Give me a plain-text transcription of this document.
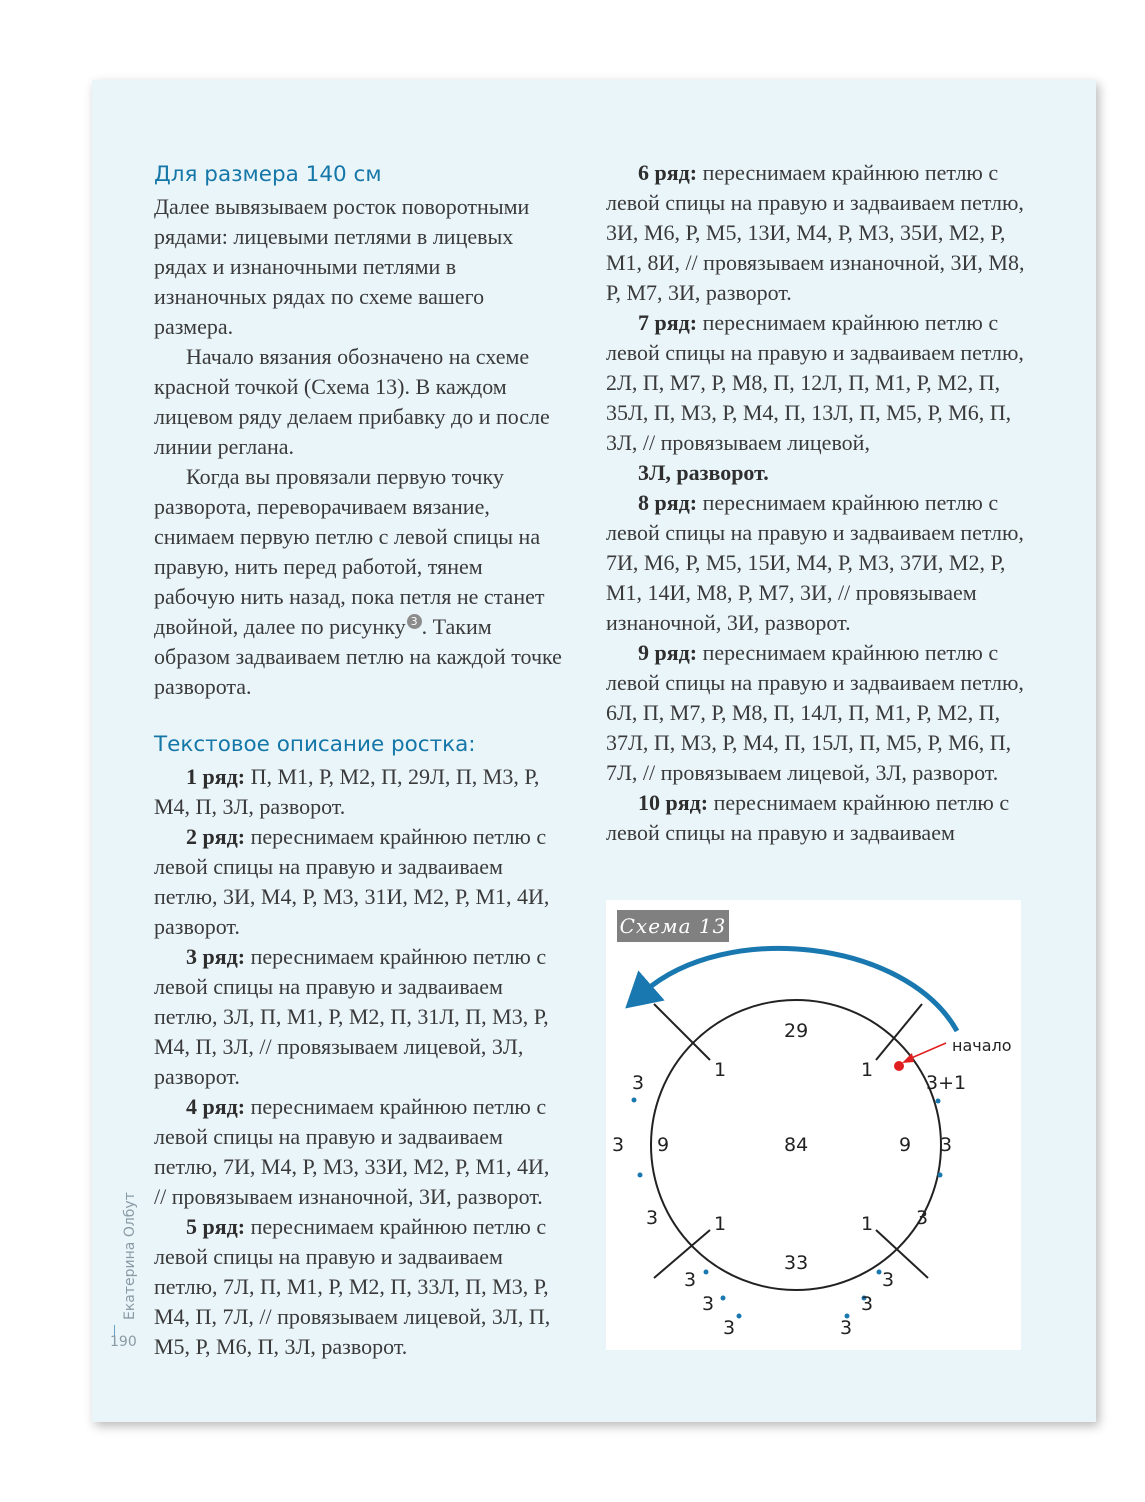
Для размера 140 см

Далее вывязываем росток поворотными рядами: лицевыми петлями в лицевых рядах и изнаночными петлями в изнаночных рядах по схеме вашего размера.

Начало вязания обозначено на схеме красной точкой (Схема 13). В каждом лицевом ряду делаем прибавку до и после линии реглана.

Когда вы провязали первую точку разворота, переворачиваем вязание, снимаем первую петлю с левой спицы на правую, нить перед работой, тянем рабочую нить назад, пока петля не станет двойной, далее по рисунку 3 . Таким образом задваиваем петлю на каждой точке разворота.

Текстовое описание ростка:

1 ряд: П, М1, Р, М2, П, 29Л, П, М3, Р, М4, П, 3Л, разворот.

2 ряд: переснимаем крайнюю петлю с левой спицы на правую и задваиваем петлю, 3И, М4, Р, М3, 31И, М2, Р, М1, 4И, разворот.

3 ряд: переснимаем крайнюю петлю с левой спицы на правую и задваиваем петлю, 3Л, П, М1, Р, М2, П, 31Л, П, М3, Р, М4, П, 3Л, // провязываем лицевой, 3Л, разворот.

4 ряд: переснимаем крайнюю петлю с левой спицы на правую и задваиваем петлю, 7И, М4, Р, М3, 33И, М2, Р, М1, 4И, // провязываем изнаночной, 3И, разворот.

5 ряд: переснимаем крайнюю петлю с левой спицы на правую и задваиваем петлю, 7Л, П, М1, Р, М2, П, 33Л, П, М3, Р, М4, П, 7Л, // провязываем лицевой, 3Л, П, М5, Р, М6, П, 3Л, разворот.

6 ряд: переснимаем крайнюю петлю с левой спицы на правую и задваиваем петлю, 3И, М6, Р, М5, 13И, М4, Р, М3, 35И, М2, Р, М1, 8И, // провязываем изнаночной, 3И, М8, Р, М7, 3И, разворот.

7 ряд: переснимаем крайнюю петлю с левой спицы на правую и задваиваем петлю, 2Л, П, М7, Р, М8, П, 12Л, П, М1, Р, М2, П, 35Л, П, М3, Р, М4, П, 13Л, П, М5, Р, М6, П, 3Л, // провязываем лицевой,

3Л, разворот.

8 ряд: переснимаем крайнюю петлю с левой спицы на правую и задваиваем петлю, 7И, М6, Р, М5, 15И, М4, Р, М3, 37И, М2, Р, М1, 14И, М8, Р, М7, 3И, // провязываем изнаночной, 3И, разворот.

9 ряд: переснимаем крайнюю петлю с левой спицы на правую и задваиваем петлю, 6Л, П, М7, Р, М8, П, 14Л, П, М1, Р, М2, П, 37Л, П, М3, Р, М4, П, 15Л, П, М5, Р, М6, П, 7Л, // провязываем лицевой, 3Л, разворот.

10 ряд: переснимаем крайнюю петлю с левой спицы на правую и задваиваем

Схема 13
начало
29
84
33
9	9
1	1
1	1
3
3
3
3+1
3
3
3
3
3
3
3
3
Екатерина Олбут
190
